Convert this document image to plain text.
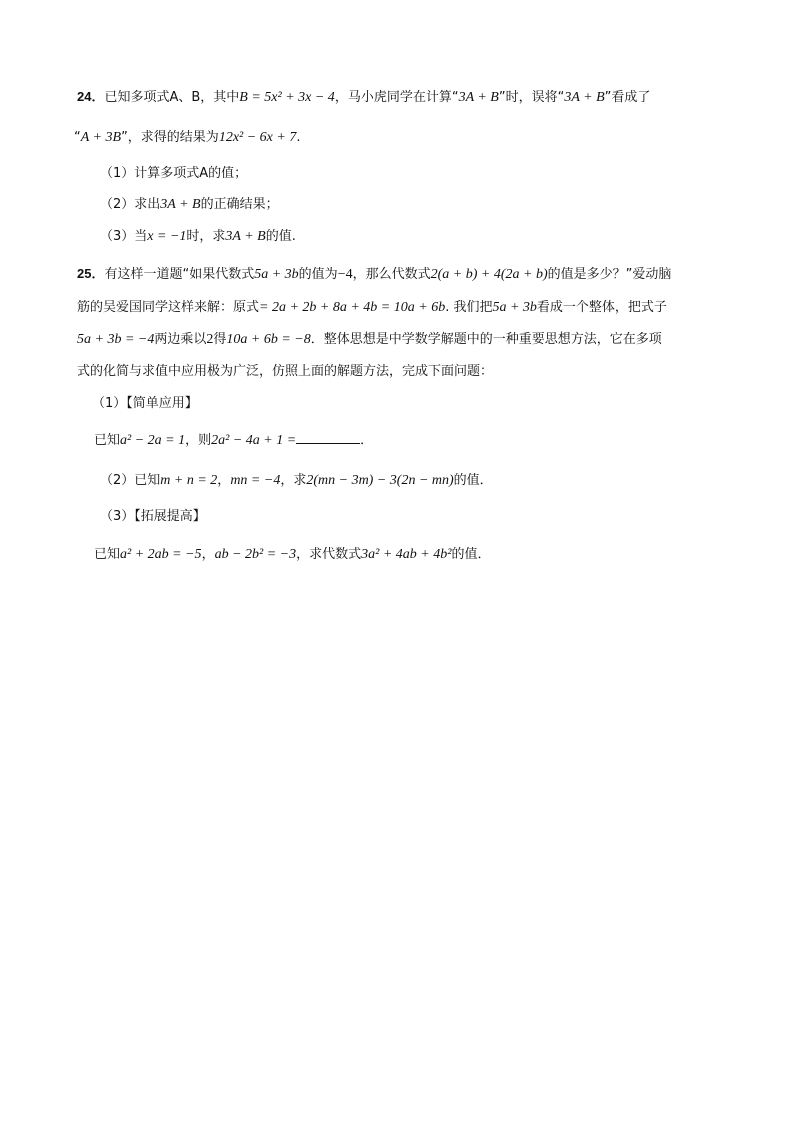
24．已知多项式A、B，其中B = 5x² + 3x − 4，马小虎同学在计算“3A + B”时，误将“3A + B”看成了
“A + 3B”，求得的结果为12x² − 6x + 7.
（1）计算多项式A的值；
（2）求出3A + B的正确结果；
（3）当x = −1时，求3A + B的值.
25．有这样一道题“如果代数式5a + 3b的值为−4，那么代数式2(a + b) + 4(2a + b)的值是多少？”爱动脑
筋的吴爱国同学这样来解：原式= 2a + 2b + 8a + 4b = 10a + 6b. 我们把5a + 3b看成一个整体，把式子
5a + 3b = −4两边乘以2得10a + 6b = −8．整体思想是中学数学解题中的一种重要思想方法，它在多项
式的化简与求值中应用极为广泛，仿照上面的解题方法，完成下面问题：
（1）【简单应用】
已知a² − 2a = 1，则2a² − 4a + 1 =	．
（2）已知m + n = 2，mn = −4，求2(mn − 3m) − 3(2n − mn)的值．
（3）【拓展提高】
已知a² + 2ab = −5，ab − 2b² = −3，求代数式3a² + 4ab + 4b²的值．
